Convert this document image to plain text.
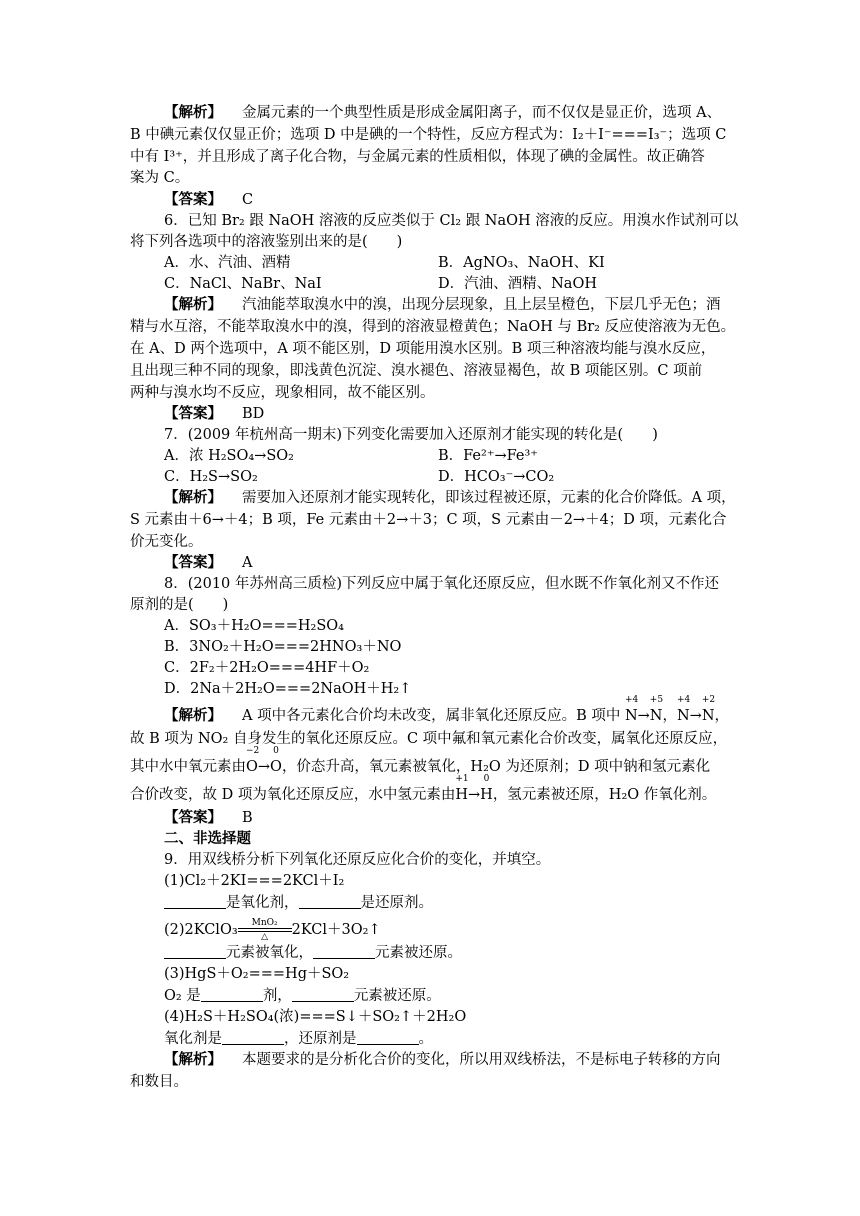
【解析】 金属元素的一个典型性质是形成金属阳离子，而不仅仅是显正价，选项 A、
B 中碘元素仅仅显正价；选项 D 中是碘的一个特性，反应方程式为：I₂＋I⁻===I₃⁻；选项 C
中有 I³⁺，并且形成了离子化合物，与金属元素的性质相似，体现了碘的金属性。故正确答
案为 C。
【答案】 C
6．已知 Br₂ 跟 NaOH 溶液的反应类似于 Cl₂ 跟 NaOH 溶液的反应。用溴水作试剂可以
将下列各选项中的溶液鉴别出来的是(　　)
A．水、汽油、酒精	B．AgNO₃、NaOH、KI
C．NaCl、NaBr、NaI	D．汽油、酒精、NaOH
【解析】 汽油能萃取溴水中的溴，出现分层现象，且上层呈橙色，下层几乎无色；酒
精与水互溶，不能萃取溴水中的溴，得到的溶液显橙黄色；NaOH 与 Br₂ 反应使溶液为无色。
在 A、D 两个选项中，A 项不能区别，D 项能用溴水区别。B 项三种溶液均能与溴水反应，
且出现三种不同的现象，即浅黄色沉淀、溴水褪色、溶液显褐色，故 B 项能区别。C 项前
两种与溴水均不反应，现象相同，故不能区别。
【答案】 BD
7．(2009 年杭州高一期末)下列变化需要加入还原剂才能实现的转化是(　　)
A．浓 H₂SO₄→SO₂	B．Fe²⁺→Fe³⁺
C．H₂S→SO₂	D．HCO₃⁻→CO₂
【解析】 需要加入还原剂才能实现转化，即该过程被还原，元素的化合价降低。A 项，
S 元素由＋6→＋4；B 项，Fe 元素由＋2→＋3；C 项，S 元素由－2→＋4；D 项，元素化合
价无变化。
【答案】 A
8．(2010 年苏州高三质检)下列反应中属于氧化还原反应，但水既不作氧化剂又不作还
原剂的是(　　)
A．SO₃＋H₂O===H₂SO₄
B．3NO₂＋H₂O===2HNO₃＋NO
C．2F₂＋2H₂O===4HF＋O₂
D．2Na＋2H₂O===2NaOH＋H₂↑
【解析】 A 项中各元素化合价均未改变，属非氧化还原反应。B 项中
+4
N→
+5
N，
+4
N→
+2
N，
故 B 项为 NO₂ 自身发生的氧化还原反应。C 项中氟和氧元素化合价改变，属氧化还原反应，
其中水中氧元素由
−2
O→
0
O，价态升高，氧元素被氧化，H₂O 为还原剂；D 项中钠和氢元素化
合价改变，故 D 项为氧化还原反应，水中氢元素由
+1
H→
0
H，氢元素被还原，H₂O 作氧化剂。
【答案】 B
二、非选择题
9．用双线桥分析下列氧化还原反应化合价的变化，并填空。
(1)Cl₂＋2KI===2KCl＋I₂
是氧化剂，	是还原剂。
(2)2KClO₃	MnO₂
△	2KCl＋3O₂↑
元素被氧化，	元素被还原。
(3)HgS＋O₂===Hg＋SO₂
O₂ 是	剂，	元素被还原。
(4)H₂S＋H₂SO₄(浓)===S↓＋SO₂↑＋2H₂O
氧化剂是	，还原剂是	。
【解析】 本题要求的是分析化合价的变化，所以用双线桥法，不是标电子转移的方向
和数目。
